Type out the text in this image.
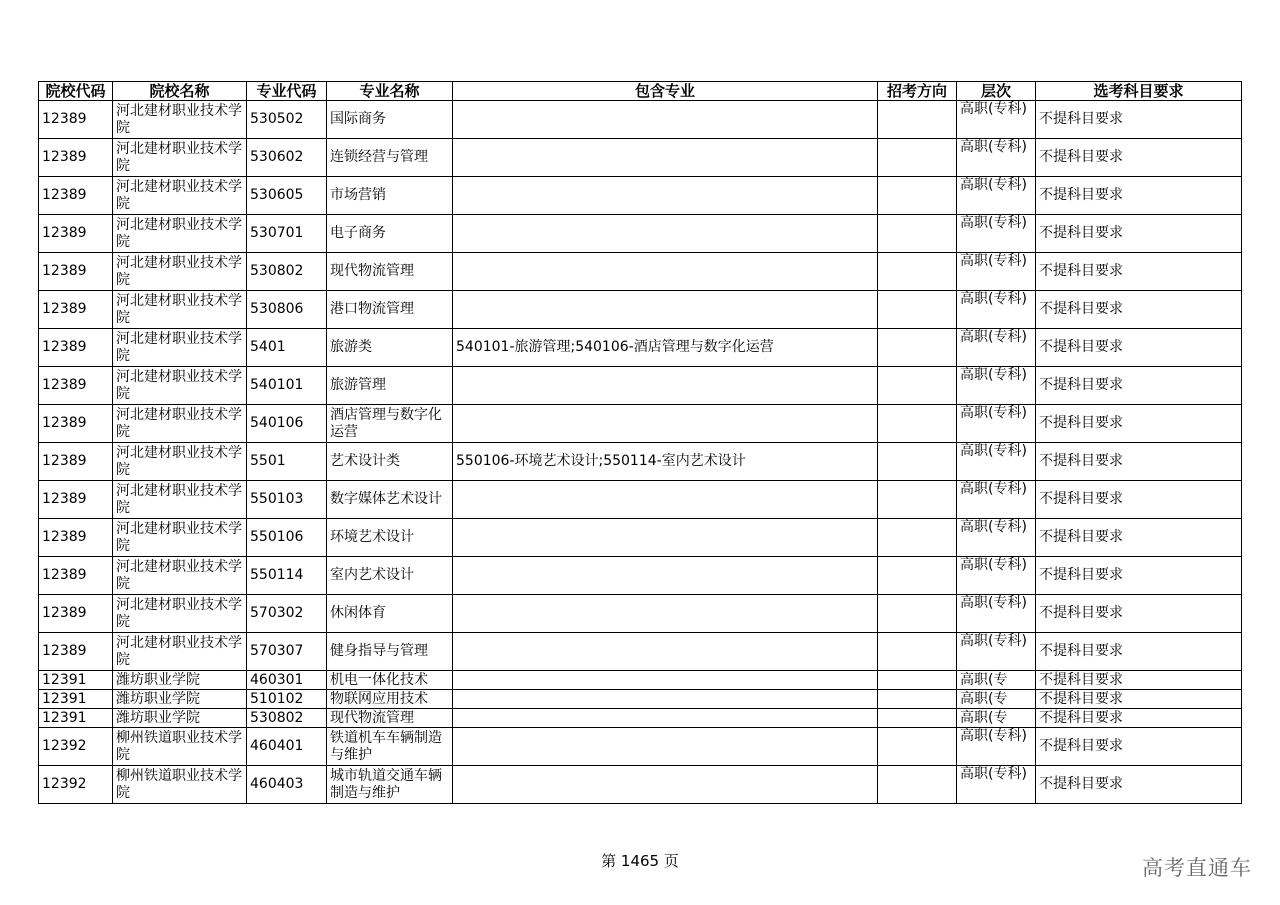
院校代码	院校名称	专业代码	专业名称	包含专业	招考方向	层次	选考科目要求
12389	河北建材职业技术学院	530502	国际商务			高职(专科)	不提科目要求
12389	河北建材职业技术学院	530602	连锁经营与管理			高职(专科)	不提科目要求
12389	河北建材职业技术学院	530605	市场营销			高职(专科)	不提科目要求
12389	河北建材职业技术学院	530701	电子商务			高职(专科)	不提科目要求
12389	河北建材职业技术学院	530802	现代物流管理			高职(专科)	不提科目要求
12389	河北建材职业技术学院	530806	港口物流管理			高职(专科)	不提科目要求
12389	河北建材职业技术学院	5401	旅游类	540101-旅游管理;540106-酒店管理与数字化运营		高职(专科)	不提科目要求
12389	河北建材职业技术学院	540101	旅游管理			高职(专科)	不提科目要求
12389	河北建材职业技术学院	540106	酒店管理与数字化运营			高职(专科)	不提科目要求
12389	河北建材职业技术学院	5501	艺术设计类	550106-环境艺术设计;550114-室内艺术设计		高职(专科)	不提科目要求
12389	河北建材职业技术学院	550103	数字媒体艺术设计			高职(专科)	不提科目要求
12389	河北建材职业技术学院	550106	环境艺术设计			高职(专科)	不提科目要求
12389	河北建材职业技术学院	550114	室内艺术设计			高职(专科)	不提科目要求
12389	河北建材职业技术学院	570302	休闲体育			高职(专科)	不提科目要求
12389	河北建材职业技术学院	570307	健身指导与管理			高职(专科)	不提科目要求
12391	潍坊职业学院	460301	机电一体化技术			高职(专	不提科目要求
12391	潍坊职业学院	510102	物联网应用技术			高职(专	不提科目要求
12391	潍坊职业学院	530802	现代物流管理			高职(专	不提科目要求
12392	柳州铁道职业技术学院	460401	铁道机车车辆制造与维护			高职(专科)	不提科目要求
12392	柳州铁道职业技术学院	460403	城市轨道交通车辆制造与维护			高职(专科)	不提科目要求
第 1465 页	高考直通车
